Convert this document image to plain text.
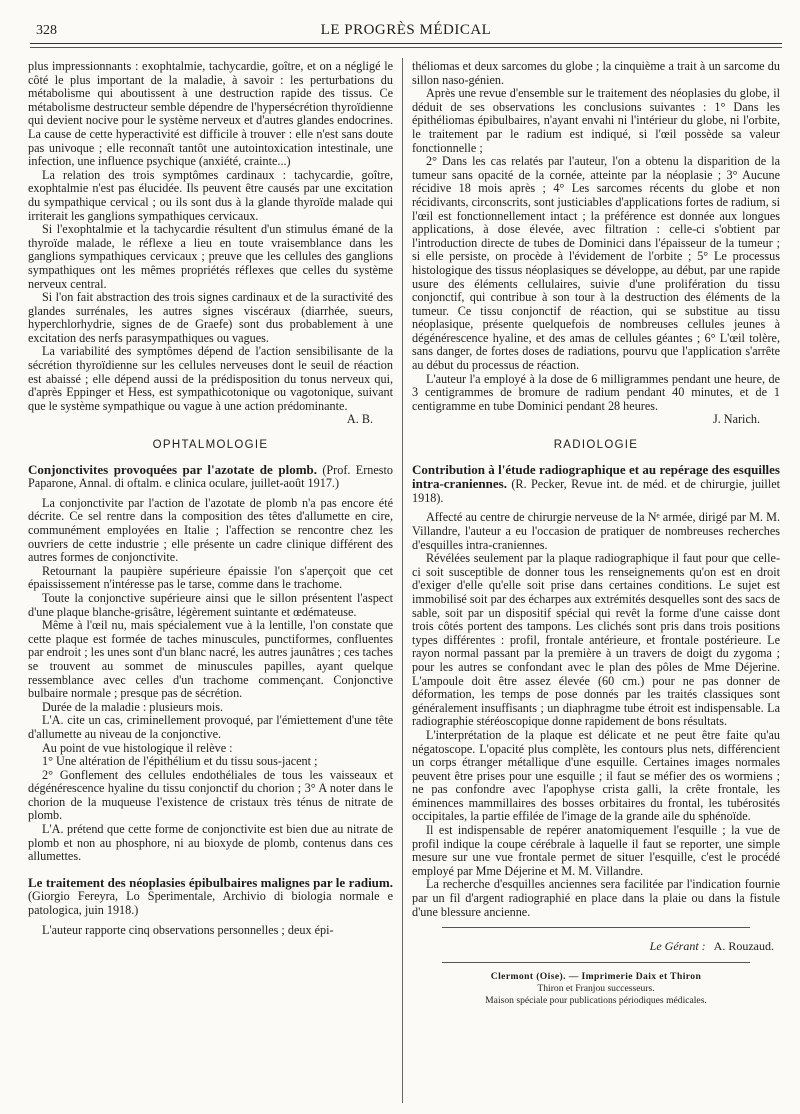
328	LE PROGRÈS MÉDICAL

plus impressionnants : exophtalmie, tachycardie, goître, et on a négligé le côté le plus important de la maladie, à savoir : les perturbations du métabolisme qui aboutissent à une destruction rapide des tissus. Ce métabolisme destructeur semble dépendre de l'hypersécrétion thyroïdienne qui devient nocive pour le système nerveux et d'autres glandes endocrines. La cause de cette hyperactivité est difficile à trouver : elle n'est sans doute pas univoque ; elle reconnaît tantôt une autointoxication intestinale, une infection, une influence psychique (anxiété, crainte...)

La relation des trois symptômes cardinaux : tachycardie, goître, exophtalmie n'est pas élucidée. Ils peuvent être causés par une excitation du sympathique cervical ; ou ils sont dus à la glande thyroïde malade qui irriterait les ganglions sympathiques cervicaux.

Si l'exophtalmie et la tachycardie résultent d'un stimulus émané de la thyroïde malade, le réflexe a lieu en toute vraisemblance dans les ganglions sympathiques cervicaux ; preuve que les cellules des ganglions sympathiques ont les mêmes propriétés réflexes que celles du système nerveux central.

Si l'on fait abstraction des trois signes cardinaux et de la suractivité des glandes surrénales, les autres signes viscéraux (diarrhée, sueurs, hyperchlorhydrie, signes de de Graefe) sont dus probablement à une excitation des nerfs parasympathiques ou vagues.

La variabilité des symptômes dépend de l'action sensibilisante de la sécrétion thyroïdienne sur les cellules nerveuses dont le seuil de réaction est abaissé ; elle dépend aussi de la prédisposition du tonus nerveux qui, d'après Eppinger et Hess, est sympathicotonique ou vagotonique, suivant que le système sympathique ou vague à une action prédominante.

A. B.

OPHTALMOLOGIE

Conjonctivites provoquées par l'azotate de plomb. (Prof. Ernesto Paparone, Annal. di oftalm. e clinica oculare, juillet-août 1917.)

La conjonctivite par l'action de l'azotate de plomb n'a pas encore été décrite. Ce sel rentre dans la composition des têtes d'allumette en cire, communément employées en Italie ; l'affection se rencontre chez les ouvriers de cette industrie ; elle présente un cadre clinique différent des autres formes de conjonctivite.

Retournant la paupière supérieure épaissie l'on s'aperçoit que cet épaississement n'intéresse pas le tarse, comme dans le trachome.

Toute la conjonctive supérieure ainsi que le sillon présentent l'aspect d'une plaque blanche-grisâtre, légèrement suintante et œdémateuse.

Même à l'œil nu, mais spécialement vue à la lentille, l'on constate que cette plaque est formée de taches minuscules, punctiformes, confluentes par endroit ; les unes sont d'un blanc nacré, les autres jaunâtres ; ces taches se trouvent au sommet de minuscules papilles, ayant quelque ressemblance avec celles d'un trachome commençant. Conjonctive bulbaire normale ; presque pas de sécrétion.

Durée de la maladie : plusieurs mois.

L'A. cite un cas, criminellement provoqué, par l'émiettement d'une tête d'allumette au niveau de la conjonctive.

Au point de vue histologique il relève :

1° Une altération de l'épithélium et du tissu sous-jacent ;

2° Gonflement des cellules endothéliales de tous les vaisseaux et dégénérescence hyaline du tissu conjonctif du chorion ; 3° A noter dans le chorion de la muqueuse l'existence de cristaux très ténus de nitrate de plomb.

L'A. prétend que cette forme de conjonctivite est bien due au nitrate de plomb et non au phosphore, ni au bioxyde de plomb, contenus dans ces allumettes.

Le traitement des néoplasies épibulbaires malignes par le radium. (Giorgio Fereyra, Lo Sperimentale, Archivio di biologia normale e patologica, juin 1918.)

L'auteur rapporte cinq observations personnelles ; deux épi-

théliomas et deux sarcomes du globe ; la cinquième a trait à un sarcome du sillon naso-génien.

Après une revue d'ensemble sur le traitement des néoplasies du globe, il déduit de ses observations les conclusions suivantes : 1° Dans les épithéliomas épibulbaires, n'ayant envahi ni l'intérieur du globe, ni l'orbite, le traitement par le radium est indiqué, si l'œil possède sa valeur fonctionnelle ;

2° Dans les cas relatés par l'auteur, l'on a obtenu la disparition de la tumeur sans opacité de la cornée, atteinte par la néoplasie ; 3° Aucune récidive 18 mois après ; 4° Les sarcomes récents du globe et non récidivants, circonscrits, sont justiciables d'applications fortes de radium, si l'œil est fonctionnellement intact ; la préférence est donnée aux longues applications, à dose élevée, avec filtration : celle-ci s'obtient par l'introduction directe de tubes de Dominici dans l'épaisseur de la tumeur ; si elle persiste, on procède à l'évidement de l'orbite ; 5° Le processus histologique des tissus néoplasiques se développe, au début, par une rapide usure des éléments cellulaires, suivie d'une prolifération du tissu conjonctif, qui contribue à son tour à la destruction des éléments de la tumeur. Ce tissu conjonctif de réaction, qui se substitue au tissu néoplasique, présente quelquefois de nombreuses cellules jeunes à dégénérescence hyaline, et des amas de cellules géantes ; 6° L'œil tolère, sans danger, de fortes doses de radiations, pourvu que l'application s'arrête au début du processus de réaction.

L'auteur l'a employé à la dose de 6 milligrammes pendant une heure, de 3 centigrammes de bromure de radium pendant 40 minutes, et de 1 centigramme en tube Dominici pendant 28 heures.

J. Narich.

RADIOLOGIE

Contribution à l'étude radiographique et au repérage des esquilles intra-craniennes. (R. Pecker, Revue int. de méd. et de chirurgie, juillet 1918).

Affecté au centre de chirurgie nerveuse de la Nᵉ armée, dirigé par M. M. Villandre, l'auteur a eu l'occasion de pratiquer de nombreuses recherches d'esquilles intra-craniennes.

Révélées seulement par la plaque radiographique il faut pour que celle-ci soit susceptible de donner tous les renseignements qu'on est en droit d'exiger d'elle qu'elle soit prise dans certaines conditions. Le sujet est immobilisé soit par des écharpes aux extrémités desquelles sont des sacs de sable, soit par un dispositif spécial qui revêt la forme d'une caisse dont trois côtés portent des tampons. Les clichés sont pris dans trois positions types différentes : profil, frontale antérieure, et frontale postérieure. Le rayon normal passant par la première à un travers de doigt du zygoma ; pour les autres se confondant avec le plan des pôles de Mme Déjerine. L'ampoule doit être assez élevée (60 cm.) pour ne pas donner de déformation, les temps de pose donnés par les traités classiques sont généralement insuffisants ; un diaphragme tube étroit est indispensable. La radiographie stéréoscopique donne rapidement de bons résultats.

L'interprétation de la plaque est délicate et ne peut être faite qu'au négatoscope. L'opacité plus complète, les contours plus nets, différencient un corps étranger métallique d'une esquille. Certaines images normales peuvent être prises pour une esquille ; il faut se méfier des os wormiens ; ne pas confondre avec l'apophyse crista galli, la crête frontale, les éminences mammillaires des bosses orbitaires du frontal, les tubérosités occipitales, la partie effilée de l'image de la grande aile du sphénoïde.

Il est indispensable de repérer anatomiquement l'esquille ; la vue de profil indique la coupe cérébrale à laquelle il faut se reporter, une simple mesure sur une vue frontale permet de situer l'esquille, c'est le procédé employé par Mme Déjerine et M. M. Villandre.

La recherche d'esquilles anciennes sera facilitée par l'indication fournie par un fil d'argent radiographié en place dans la plaie ou dans la fistule d'une blessure ancienne.

Le Gérant : A. Rouzaud.

Clermont (Oise). — Imprimerie Daix et Thiron
Thiron et Franjou successeurs.
Maison spéciale pour publications périodiques médicales.
